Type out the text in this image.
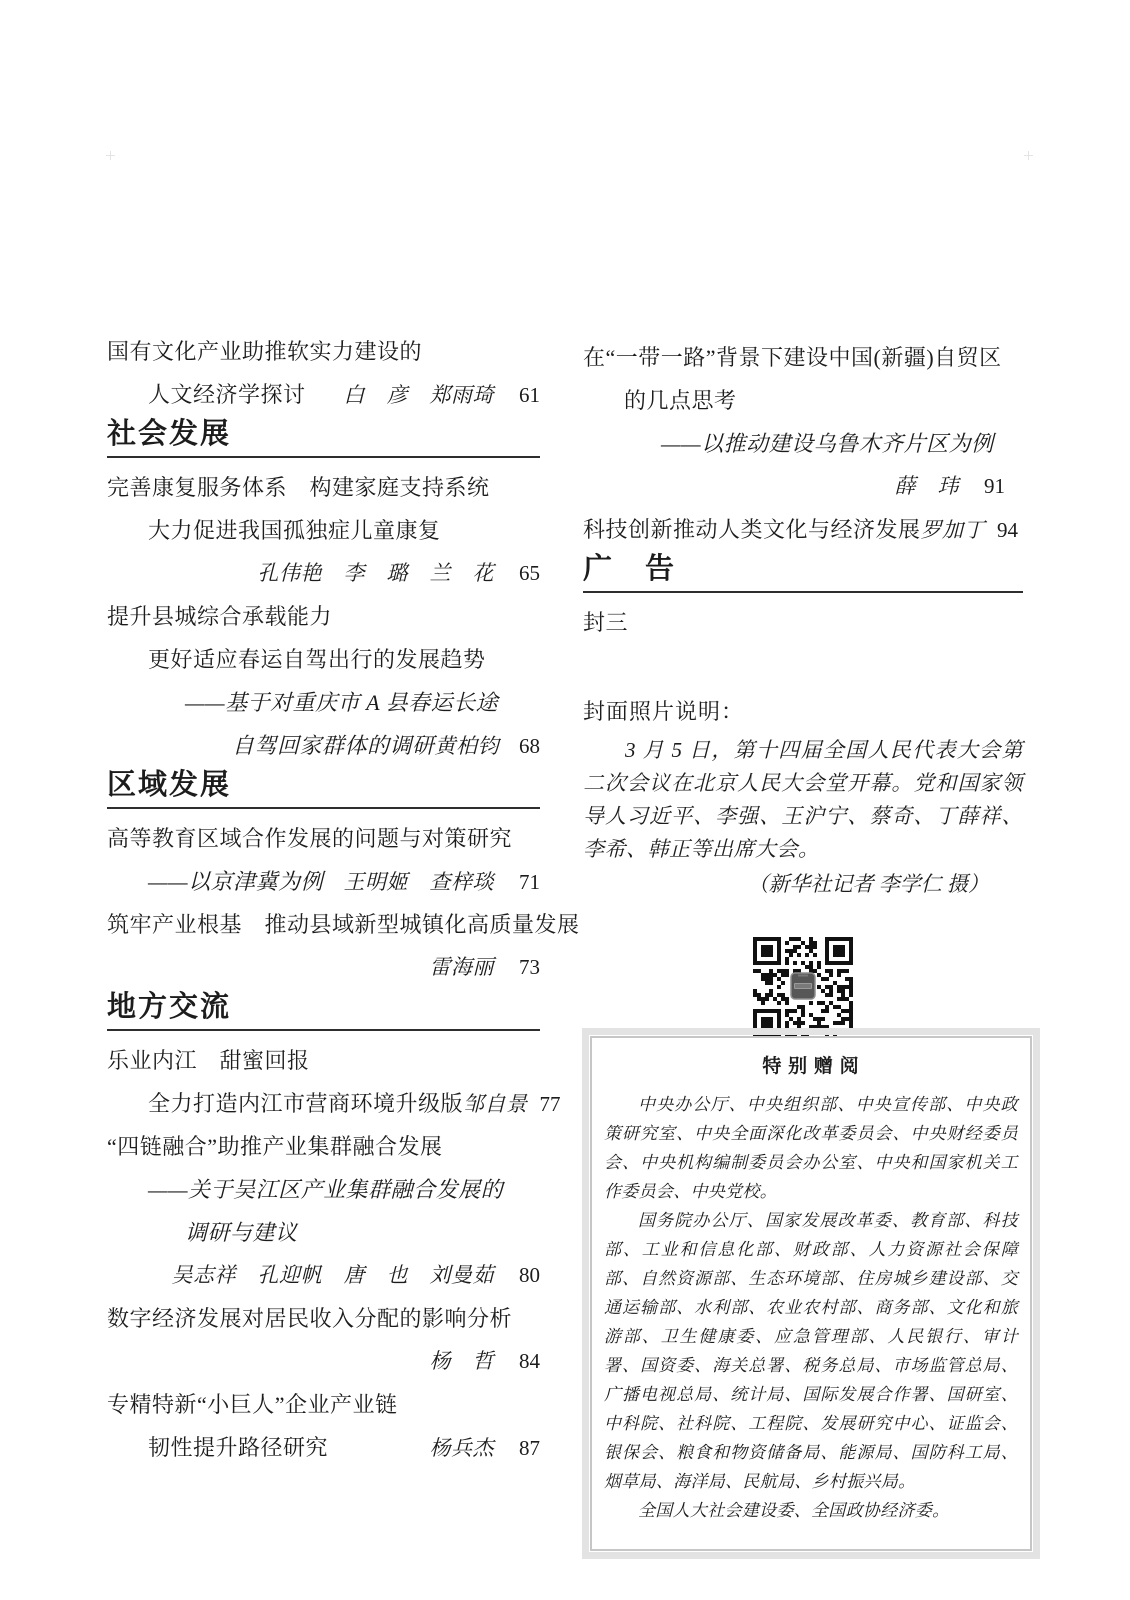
国有文化产业助推软实力建设的
人文经济学探讨 白　彦　郑雨琦	61
社会发展
完善康复服务体系　构建家庭支持系统
大力促进我国孤独症儿童康复
孔伟艳　李　璐　兰　花	65
提升县城综合承载能力
更好适应春运自驾出行的发展趋势
——基于对重庆市 A 县春运长途
自驾回家群体的调研 黄柏钧 68
区域发展
高等教育区域合作发展的问题与对策研究
——以京津冀为例 王明姬　查梓琰	71
筑牢产业根基　推动县域新型城镇化高质量发展
雷海丽	73
地方交流
乐业内江　甜蜜回报
全力打造内江市营商环境升级版 邹自景 77
“四链融合”助推产业集群融合发展
——关于吴江区产业集群融合发展的
调研与建议
吴志祥　孔迎帆　唐　也　刘曼茹	80
数字经济发展对居民收入分配的影响分析
杨　哲	84
专精特新“小巨人”企业产业链
韧性提升路径研究	杨兵杰	87
在“一带一路”背景下建设中国(新疆)自贸区
的几点思考
——以推动建设乌鲁木齐片区为例
薛　玮	91
科技创新推动人类文化与经济发展 罗加丁 94
广　告
封三
封面照片说明：

3 月 5 日，第十四届全国人民代表大会第二次会议在北京人民大会堂开幕。党和国家领导人习近平、李强、王沪宁、蔡奇、丁薛祥、李希、韩正等出席大会。

（新华社记者 李学仁 摄）
特 别 赠 阅

中央办公厅、中央组织部、中央宣传部、中央政策研究室、中央全面深化改革委员会、中央财经委员会、中央机构编制委员会办公室、中央和国家机关工作委员会、中央党校。

国务院办公厅、国家发展改革委、教育部、科技部、工业和信息化部、财政部、人力资源社会保障部、自然资源部、生态环境部、住房城乡建设部、交通运输部、水利部、农业农村部、商务部、文化和旅游部、卫生健康委、应急管理部、人民银行、审计署、国资委、海关总署、税务总局、市场监管总局、广播电视总局、统计局、国际发展合作署、国研室、中科院、社科院、工程院、发展研究中心、证监会、银保会、粮食和物资储备局、能源局、国防科工局、烟草局、海洋局、民航局、乡村振兴局。

全国人大社会建设委、全国政协经济委。
